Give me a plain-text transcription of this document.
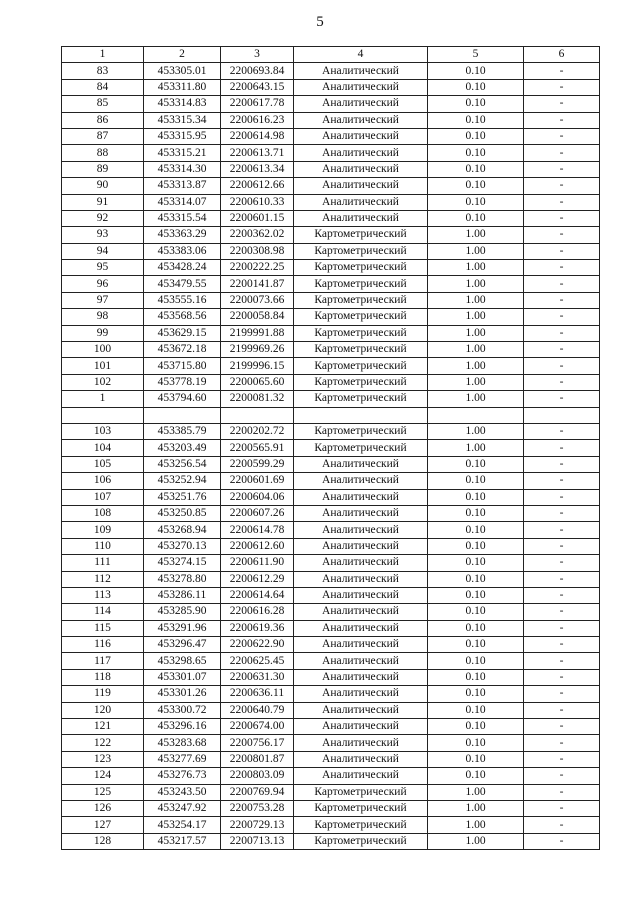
5
1	2	3	4	5	6
83	453305.01	2200693.84	Аналитический	0.10	-
84	453311.80	2200643.15	Аналитический	0.10	-
85	453314.83	2200617.78	Аналитический	0.10	-
86	453315.34	2200616.23	Аналитический	0.10	-
87	453315.95	2200614.98	Аналитический	0.10	-
88	453315.21	2200613.71	Аналитический	0.10	-
89	453314.30	2200613.34	Аналитический	0.10	-
90	453313.87	2200612.66	Аналитический	0.10	-
91	453314.07	2200610.33	Аналитический	0.10	-
92	453315.54	2200601.15	Аналитический	0.10	-
93	453363.29	2200362.02	Картометрический	1.00	-
94	453383.06	2200308.98	Картометрический	1.00	-
95	453428.24	2200222.25	Картометрический	1.00	-
96	453479.55	2200141.87	Картометрический	1.00	-
97	453555.16	2200073.66	Картометрический	1.00	-
98	453568.56	2200058.84	Картометрический	1.00	-
99	453629.15	2199991.88	Картометрический	1.00	-
100	453672.18	2199969.26	Картометрический	1.00	-
101	453715.80	2199996.15	Картометрический	1.00	-
102	453778.19	2200065.60	Картометрический	1.00	-
1	453794.60	2200081.32	Картометрический	1.00	-

103	453385.79	2200202.72	Картометрический	1.00	-
104	453203.49	2200565.91	Картометрический	1.00	-
105	453256.54	2200599.29	Аналитический	0.10	-
106	453252.94	2200601.69	Аналитический	0.10	-
107	453251.76	2200604.06	Аналитический	0.10	-
108	453250.85	2200607.26	Аналитический	0.10	-
109	453268.94	2200614.78	Аналитический	0.10	-
110	453270.13	2200612.60	Аналитический	0.10	-
111	453274.15	2200611.90	Аналитический	0.10	-
112	453278.80	2200612.29	Аналитический	0.10	-
113	453286.11	2200614.64	Аналитический	0.10	-
114	453285.90	2200616.28	Аналитический	0.10	-
115	453291.96	2200619.36	Аналитический	0.10	-
116	453296.47	2200622.90	Аналитический	0.10	-
117	453298.65	2200625.45	Аналитический	0.10	-
118	453301.07	2200631.30	Аналитический	0.10	-
119	453301.26	2200636.11	Аналитический	0.10	-
120	453300.72	2200640.79	Аналитический	0.10	-
121	453296.16	2200674.00	Аналитический	0.10	-
122	453283.68	2200756.17	Аналитический	0.10	-
123	453277.69	2200801.87	Аналитический	0.10	-
124	453276.73	2200803.09	Аналитический	0.10	-
125	453243.50	2200769.94	Картометрический	1.00	-
126	453247.92	2200753.28	Картометрический	1.00	-
127	453254.17	2200729.13	Картометрический	1.00	-
128	453217.57	2200713.13	Картометрический	1.00	-
